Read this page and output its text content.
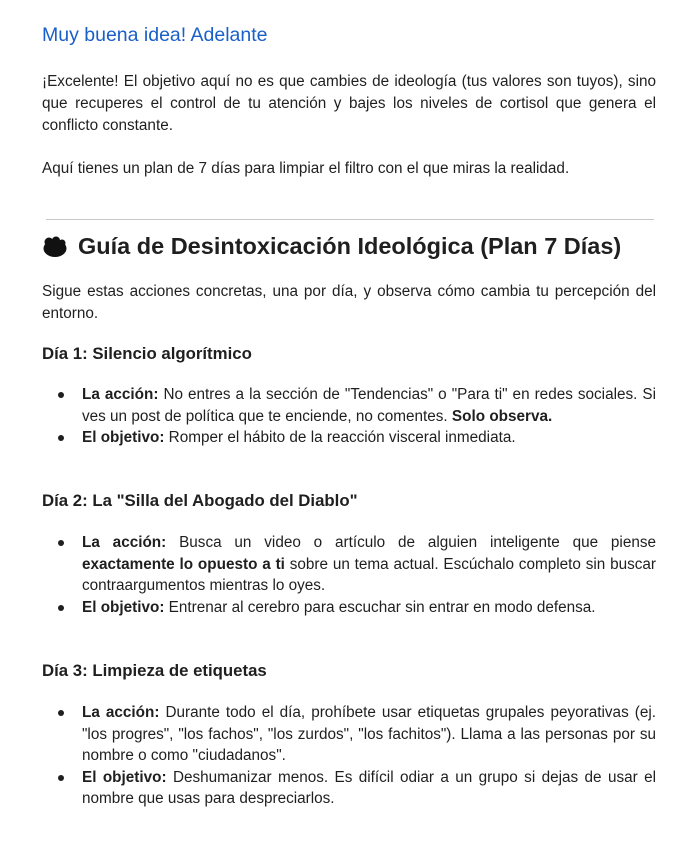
Muy buena idea! Adelante

¡Excelente! El objetivo aquí no es que cambies de ideología (tus valores son tuyos), sino que recuperes el control de tu atención y bajes los niveles de cortisol que genera el conflicto constante.

Aquí tienes un plan de 7 días para limpiar el filtro con el que miras la realidad.

Guía de Desintoxicación Ideológica (Plan 7 Días)

Sigue estas acciones concretas, una por día, y observa cómo cambia tu percepción del entorno.

Día 1: Silencio algorítmico
La acción: No entres a la sección de "Tendencias" o "Para ti" en redes sociales. Si ves un post de política que te enciende, no comentes. Solo observa.
El objetivo: Romper el hábito de la reacción visceral inmediata.
Día 2: La "Silla del Abogado del Diablo"
La acción: Busca un video o artículo de alguien inteligente que piense exactamente lo opuesto a ti sobre un tema actual. Escúchalo completo sin buscar contraargumentos mientras lo oyes.
El objetivo: Entrenar al cerebro para escuchar sin entrar en modo defensa.
Día 3: Limpieza de etiquetas
La acción: Durante todo el día, prohíbete usar etiquetas grupales peyorativas (ej. "los progres", "los fachos", "los zurdos", "los fachitos"). Llama a las personas por su nombre o como "ciudadanos".
El objetivo: Deshumanizar menos. Es difícil odiar a un grupo si dejas de usar el nombre que usas para despreciarlos.
